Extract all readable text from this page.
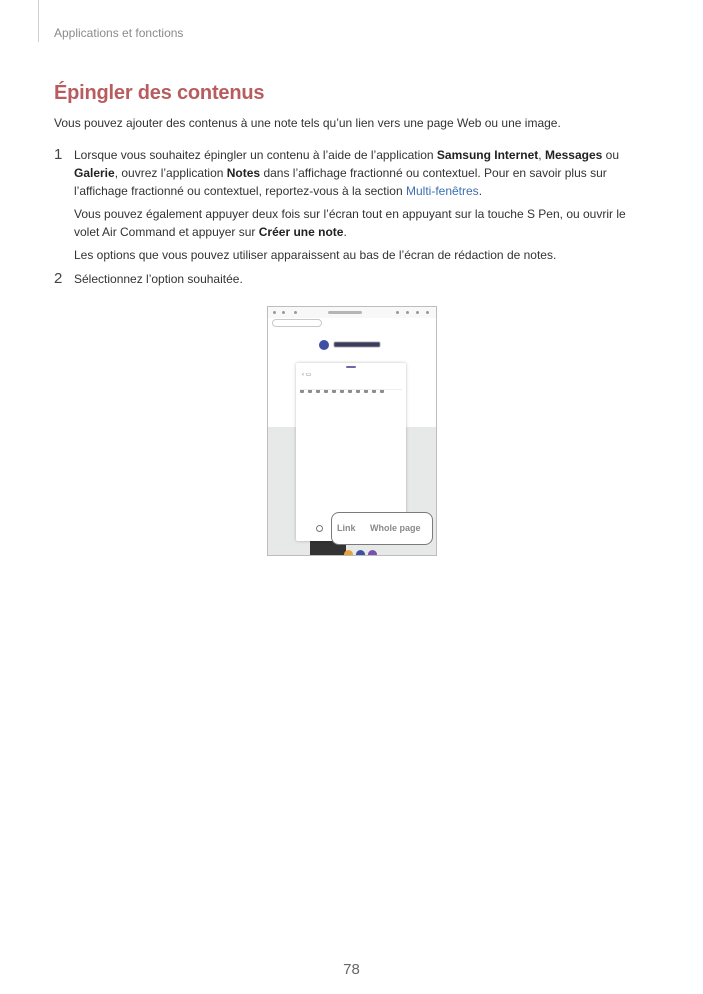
Applications et fonctions
Épingler des contenus
Vous pouvez ajouter des contenus à une note tels qu’un lien vers une page Web ou une image.
1 Lorsque vous souhaitez épingler un contenu à l’aide de l’application Samsung Internet, Messages ou Galerie, ouvrez l’application Notes dans l’affichage fractionné ou contextuel. Pour en savoir plus sur l’affichage fractionné ou contextuel, reportez-vous à la section Multi-fenêtres.

Vous pouvez également appuyer deux fois sur l’écran tout en appuyant sur la touche S Pen, ou ouvrir le volet Air Command et appuyer sur Créer une note.

Les options que vous pouvez utiliser apparaissent au bas de l’écran de rédaction de notes.

2 Sélectionnez l’option souhaitée.
‹ ▭
Link Whole page
78
